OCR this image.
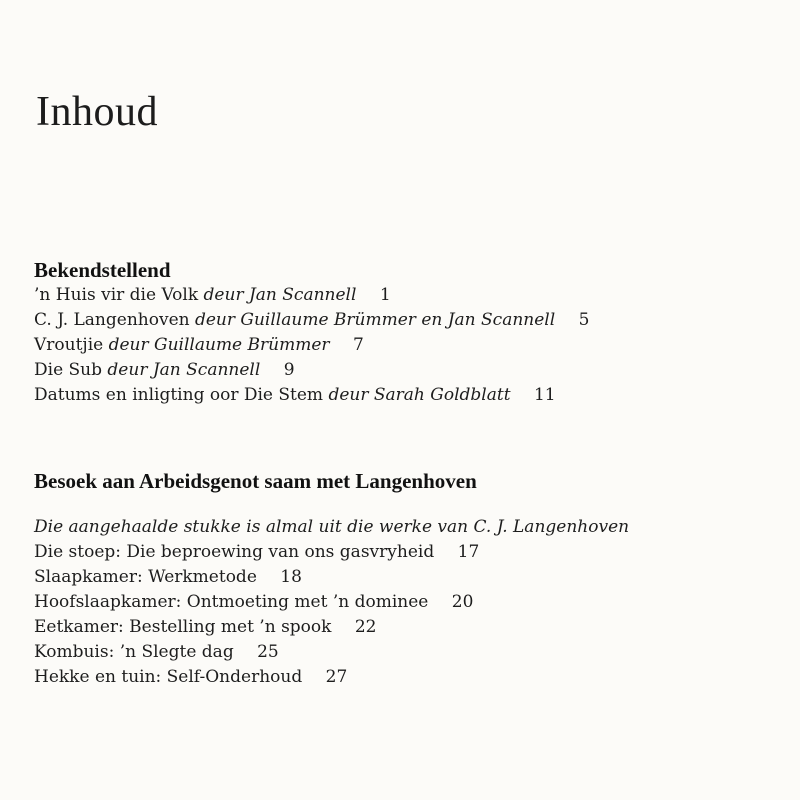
Inhoud
Bekendstellend
’n Huis vir die Volk deur Jan Scannell 1
C. J. Langenhoven deur Guillaume Brümmer en Jan Scannell 5
Vroutjie deur Guillaume Brümmer 7
Die Sub deur Jan Scannell 9
Datums en inligting oor Die Stem deur Sarah Goldblatt 11
Besoek aan Arbeidsgenot saam met Langenhoven
Die aangehaalde stukke is almal uit die werke van C. J. Langenhoven
Die stoep: Die beproewing van ons gasvryheid 17
Slaapkamer: Werkmetode 18
Hoofslaapkamer: Ontmoeting met ’n dominee 20
Eetkamer: Bestelling met ’n spook 22
Kombuis: ’n Slegte dag 25
Hekke en tuin: Self-Onderhoud 27
